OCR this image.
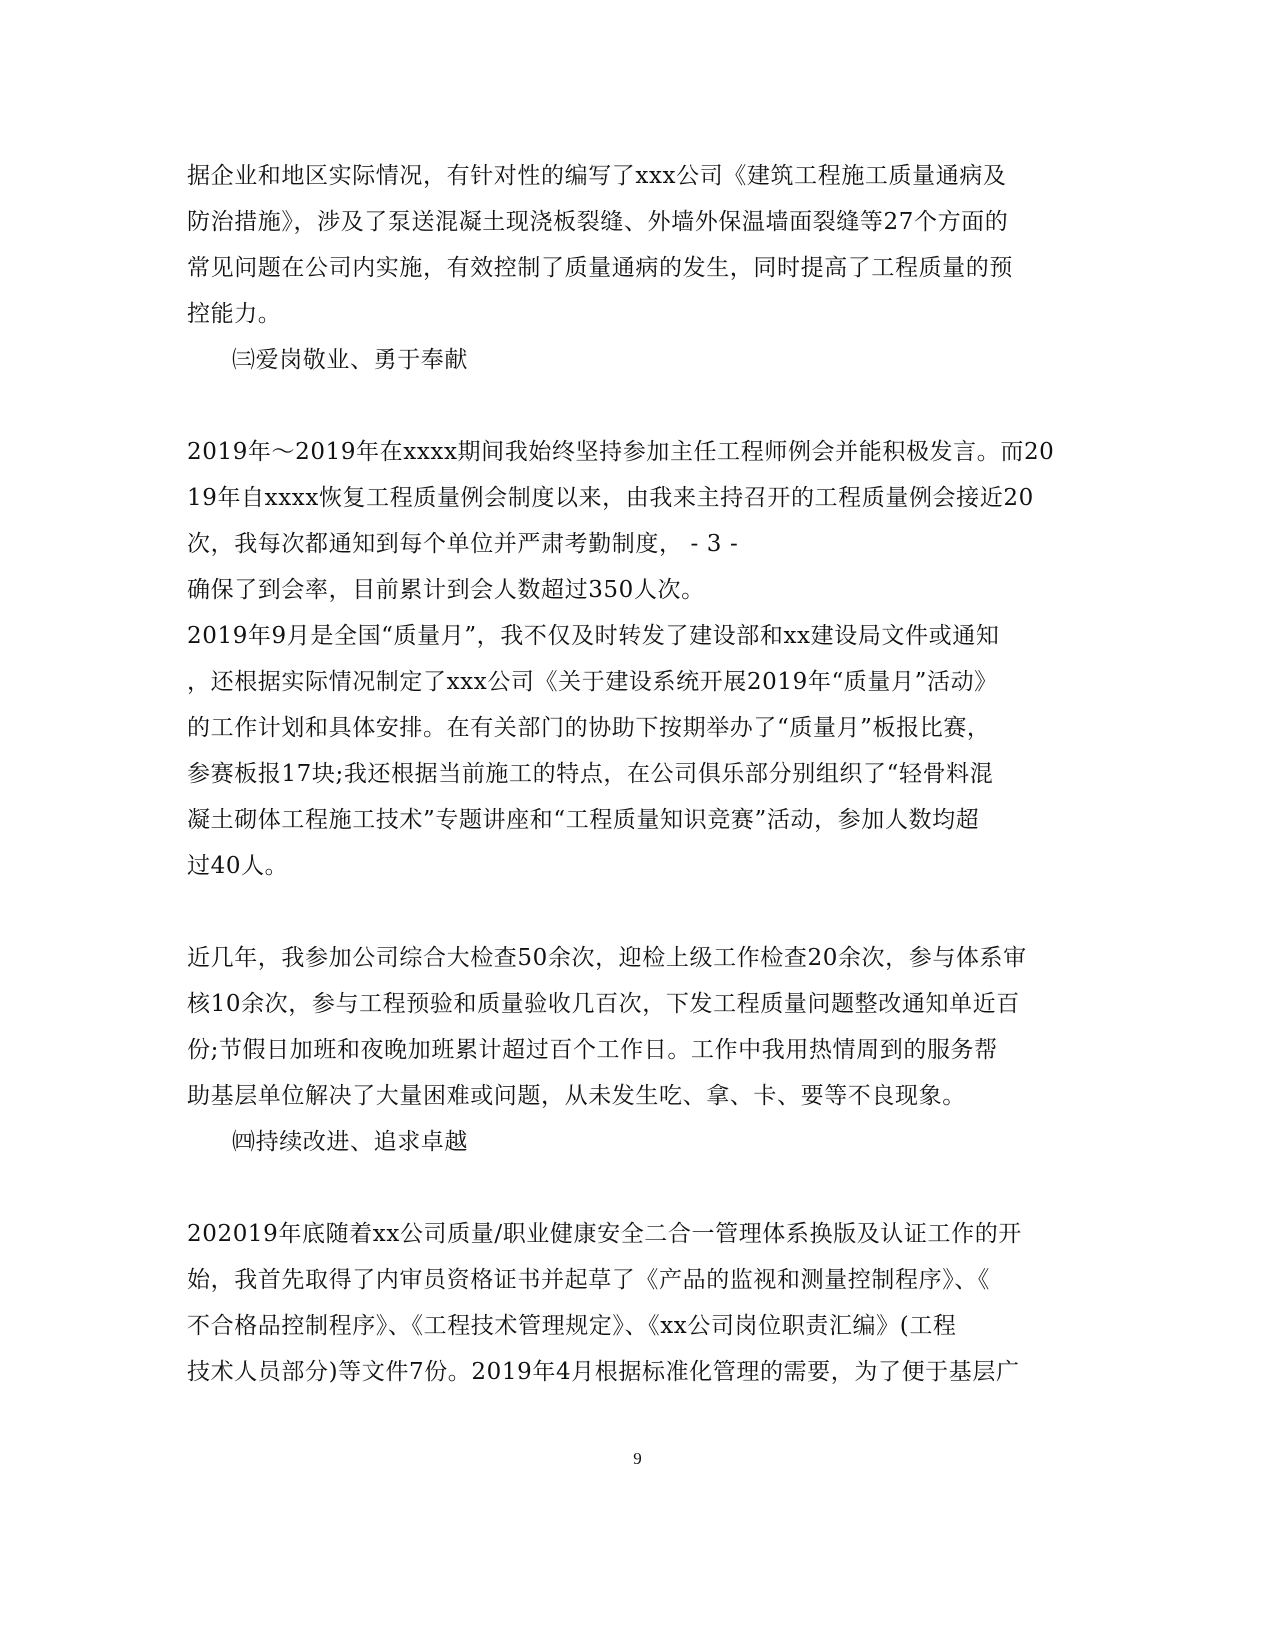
据企业和地区实际情况，有针对性的编写了xxx公司《建筑工程施工质量通病及

防治措施》，涉及了泵送混凝土现浇板裂缝、外墙外保温墙面裂缝等27个方面的

常见问题在公司内实施，有效控制了质量通病的发生，同时提高了工程质量的预

控能力。

㈢爱岗敬业、勇于奉献

2019年～2019年在xxxx期间我始终坚持参加主任工程师例会并能积极发言。而20

19年自xxxx恢复工程质量例会制度以来，由我来主持召开的工程质量例会接近20

次，我每次都通知到每个单位并严肃考勤制度， - 3 -

确保了到会率，目前累计到会人数超过350人次。

2019年9月是全国“质量月”，我不仅及时转发了建设部和xx建设局文件或通知

，还根据实际情况制定了xxx公司《关于建设系统开展2019年“质量月”活动》

的工作计划和具体安排。在有关部门的协助下按期举办了“质量月”板报比赛，

参赛板报17块;我还根据当前施工的特点，在公司俱乐部分别组织了“轻骨料混

凝土砌体工程施工技术”专题讲座和“工程质量知识竞赛”活动，参加人数均超

过40人。

近几年，我参加公司综合大检查50余次，迎检上级工作检查20余次，参与体系审

核10余次，参与工程预验和质量验收几百次，下发工程质量问题整改通知单近百

份;节假日加班和夜晚加班累计超过百个工作日。工作中我用热情周到的服务帮

助基层单位解决了大量困难或问题，从未发生吃、拿、卡、要等不良现象。

㈣持续改进、追求卓越

202019年底随着xx公司质量/职业健康安全二合一管理体系换版及认证工作的开

始，我首先取得了内审员资格证书并起草了《产品的监视和测量控制程序》、《

不合格品控制程序》、《工程技术管理规定》、《xx公司岗位职责汇编》(工程

技术人员部分)等文件7份。2019年4月根据标准化管理的需要，为了便于基层广

9
